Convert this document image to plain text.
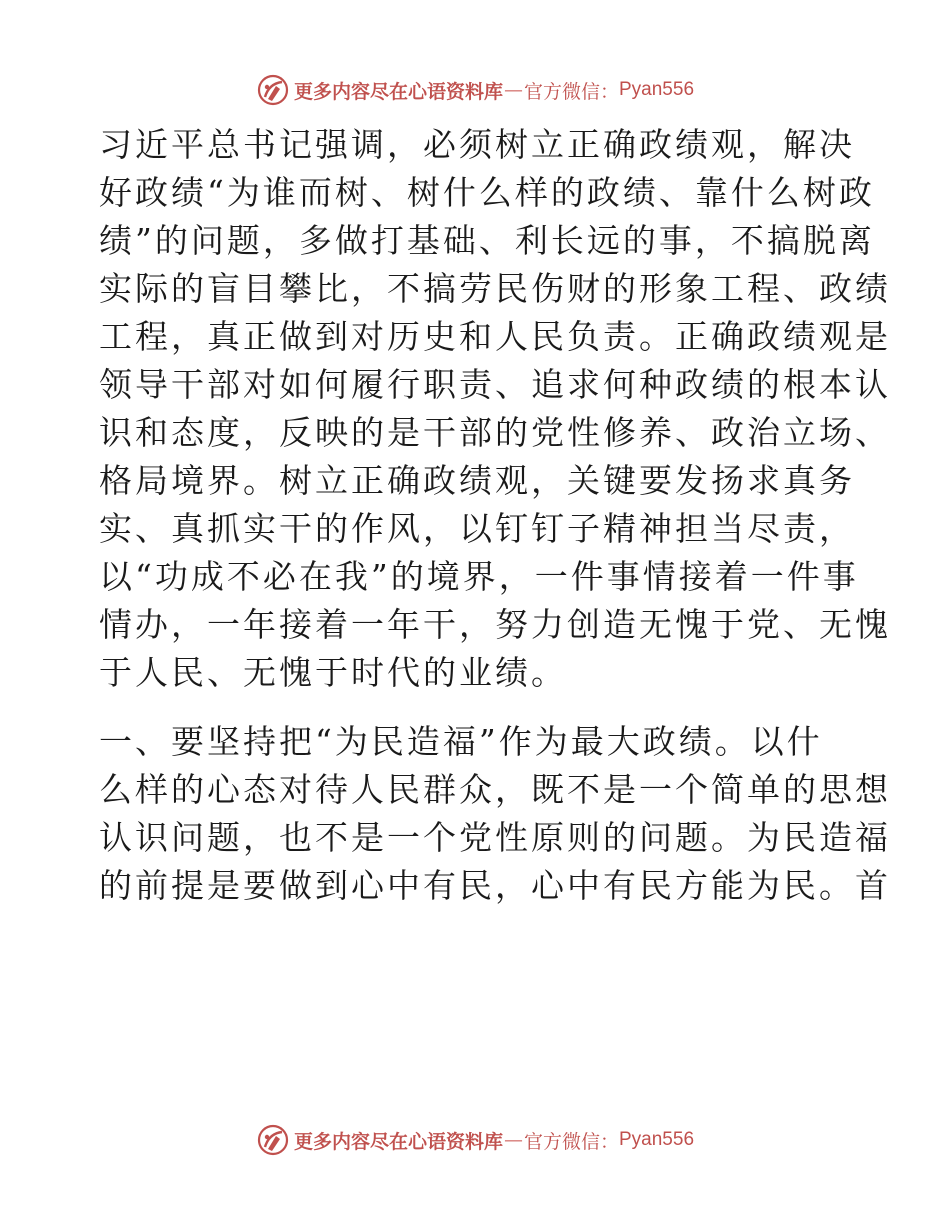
更多内容尽在心语资料库 — 官方微信： Pyan556

习近平总书记强调，必须树立正确政绩观，解决
好政绩“为谁而树、树什么样的政绩、靠什么树政
绩”的问题，多做打基础、利长远的事，不搞脱离
实际的盲目攀比，不搞劳民伤财的形象工程、政绩
工程，真正做到对历史和人民负责。正确政绩观是
领导干部对如何履行职责、追求何种政绩的根本认
识和态度，反映的是干部的党性修养、政治立场、
格局境界。树立正确政绩观，关键要发扬求真务
实、真抓实干的作风，以钉钉子精神担当尽责，
以“功成不必在我”的境界，一件事情接着一件事
情办，一年接着一年干，努力创造无愧于党、无愧
于人民、无愧于时代的业绩。

一、要坚持把“为民造福”作为最大政绩。以什
么样的心态对待人民群众，既不是一个简单的思想
认识问题，也不是一个党性原则的问题。为民造福
的前提是要做到心中有民，心中有民方能为民。首

更多内容尽在心语资料库 — 官方微信： Pyan556
